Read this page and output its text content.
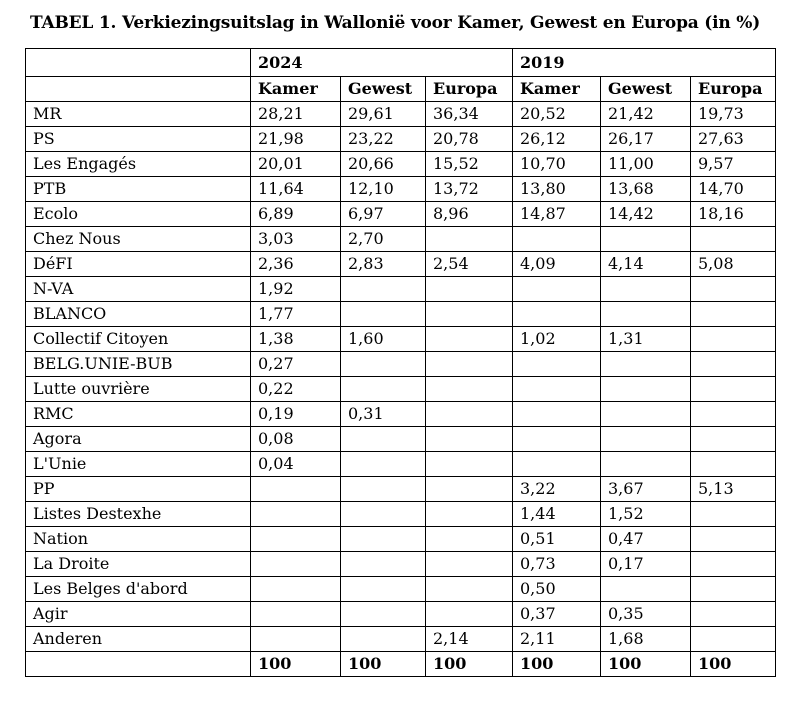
TABEL 1. Verkiezingsuitslag in Wallonië voor Kamer, Gewest en Europa (in %)
	2024			2019		
	Kamer	Gewest	Europa	Kamer	Gewest	Europa
MR	28,21	29,61	36,34	20,52	21,42	19,73
PS	21,98	23,22	20,78	26,12	26,17	27,63
Les Engagés	20,01	20,66	15,52	10,70	11,00	9,57
PTB	11,64	12,10	13,72	13,80	13,68	14,70
Ecolo	6,89	6,97	8,96	14,87	14,42	18,16
Chez Nous	3,03	2,70				
DéFI	2,36	2,83	2,54	4,09	4,14	5,08
N-VA	1,92					
BLANCO	1,77					
Collectif Citoyen	1,38	1,60		1,02	1,31	
BELG.UNIE-BUB	0,27					
Lutte ouvrière	0,22					
RMC	0,19	0,31				
Agora	0,08					
L'Unie	0,04					
PP				3,22	3,67	5,13
Listes Destexhe				1,44	1,52	
Nation				0,51	0,47	
La Droite				0,73	0,17	
Les Belges d'abord				0,50		
Agir				0,37	0,35	
Anderen			2,14	2,11	1,68	
	100	100	100	100	100	100
